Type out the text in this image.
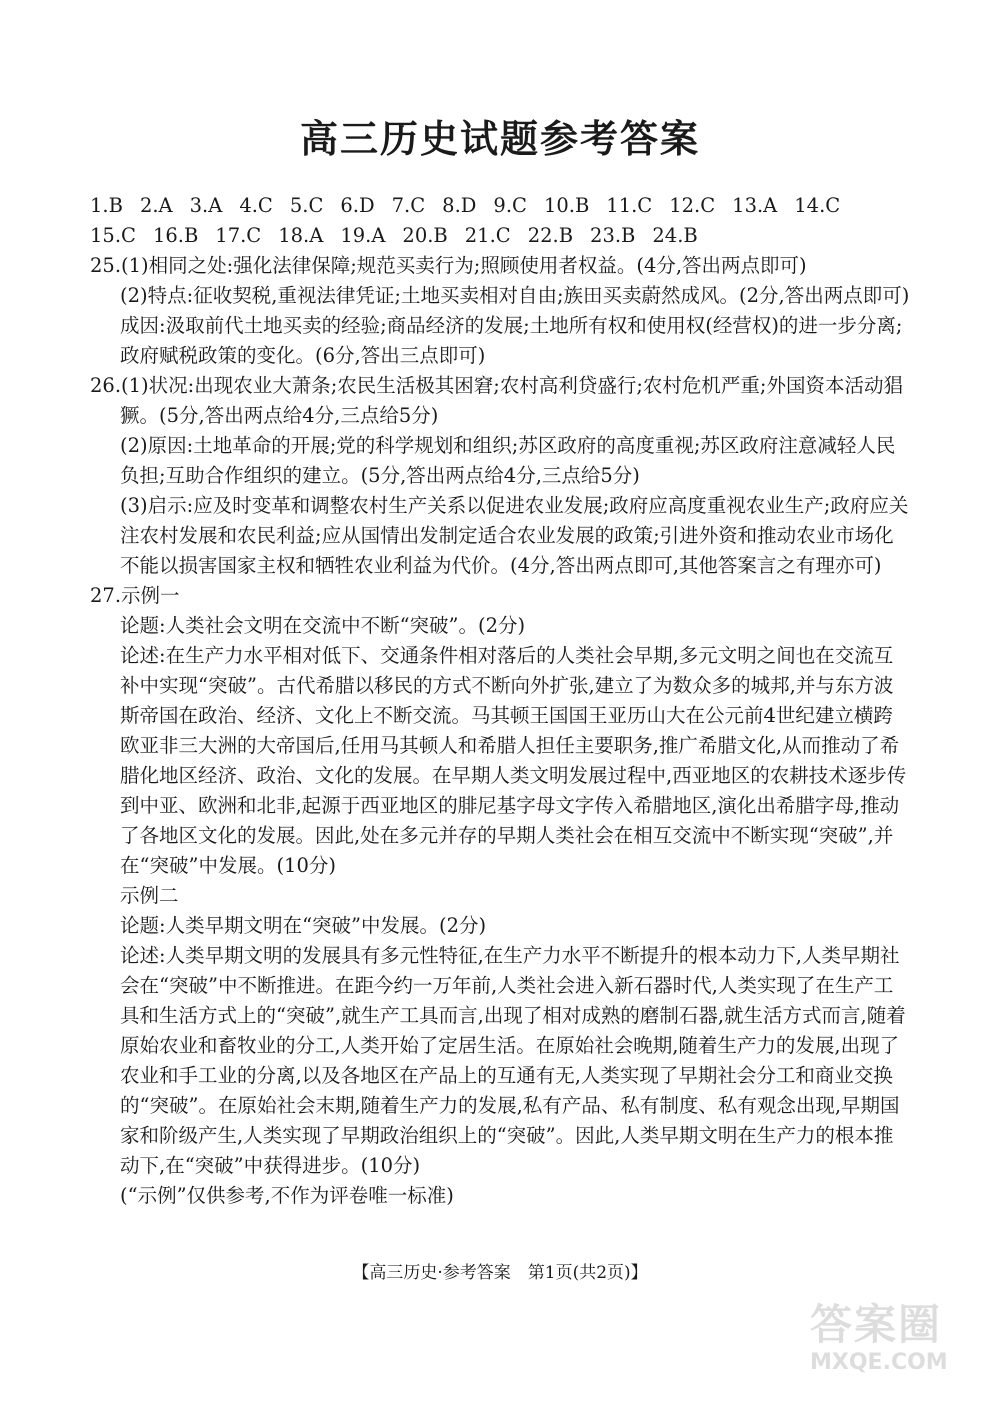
高三历史试题参考答案
1.B 2.A 3.A 4.C 5.C 6.D 7.C 8.D 9.C 10.B 11.C 12.C 13.A 14.C
15.C 16.B 17.C 18.A 19.A 20.B 21.C 22.B 23.B 24.B

25.(1)相同之处:强化法律保障;规范买卖行为;照顾使用者权益。(4分,答出两点即可)

(2)特点:征收契税,重视法律凭证;土地买卖相对自由;族田买卖蔚然成风。(2分,答出两点即可)

成因:汲取前代土地买卖的经验;商品经济的发展;土地所有权和使用权(经营权)的进一步分离;政府赋税政策的变化。(6分,答出三点即可)

26.(1)状况:出现农业大萧条;农民生活极其困窘;农村高利贷盛行;农村危机严重;外国资本活动猖獗。(5分,答出两点给4分,三点给5分)

(2)原因:土地革命的开展;党的科学规划和组织;苏区政府的高度重视;苏区政府注意减轻人民负担;互助合作组织的建立。(5分,答出两点给4分,三点给5分)

(3)启示:应及时变革和调整农村生产关系以促进农业发展;政府应高度重视农业生产;政府应关注农村发展和农民利益;应从国情出发制定适合农业发展的政策;引进外资和推动农业市场化不能以损害国家主权和牺牲农业利益为代价。(4分,答出两点即可,其他答案言之有理亦可)

27.示例一

论题:人类社会文明在交流中不断“突破”。(2分)

论述:在生产力水平相对低下、交通条件相对落后的人类社会早期,多元文明之间也在交流互补中实现“突破”。古代希腊以移民的方式不断向外扩张,建立了为数众多的城邦,并与东方波斯帝国在政治、经济、文化上不断交流。马其顿王国国王亚历山大在公元前4世纪建立横跨欧亚非三大洲的大帝国后,任用马其顿人和希腊人担任主要职务,推广希腊文化,从而推动了希腊化地区经济、政治、文化的发展。在早期人类文明发展过程中,西亚地区的农耕技术逐步传到中亚、欧洲和北非,起源于西亚地区的腓尼基字母文字传入希腊地区,演化出希腊字母,推动了各地区文化的发展。因此,处在多元并存的早期人类社会在相互交流中不断实现“突破”,并在“突破”中发展。(10分)

示例二

论题:人类早期文明在“突破”中发展。(2分)

论述:人类早期文明的发展具有多元性特征,在生产力水平不断提升的根本动力下,人类早期社会在“突破”中不断推进。在距今约一万年前,人类社会进入新石器时代,人类实现了在生产工具和生活方式上的“突破”,就生产工具而言,出现了相对成熟的磨制石器,就生活方式而言,随着原始农业和畜牧业的分工,人类开始了定居生活。在原始社会晚期,随着生产力的发展,出现了农业和手工业的分离,以及各地区在产品上的互通有无,人类实现了早期社会分工和商业交换的“突破”。在原始社会末期,随着生产力的发展,私有产品、私有制度、私有观念出现,早期国家和阶级产生,人类实现了早期政治组织上的“突破”。因此,人类早期文明在生产力的根本推动下,在“突破”中获得进步。(10分)

(“示例”仅供参考,不作为评卷唯一标准)

【高三历史·参考答案　第1页(共2页)】
答案圈
MXQE.COM
